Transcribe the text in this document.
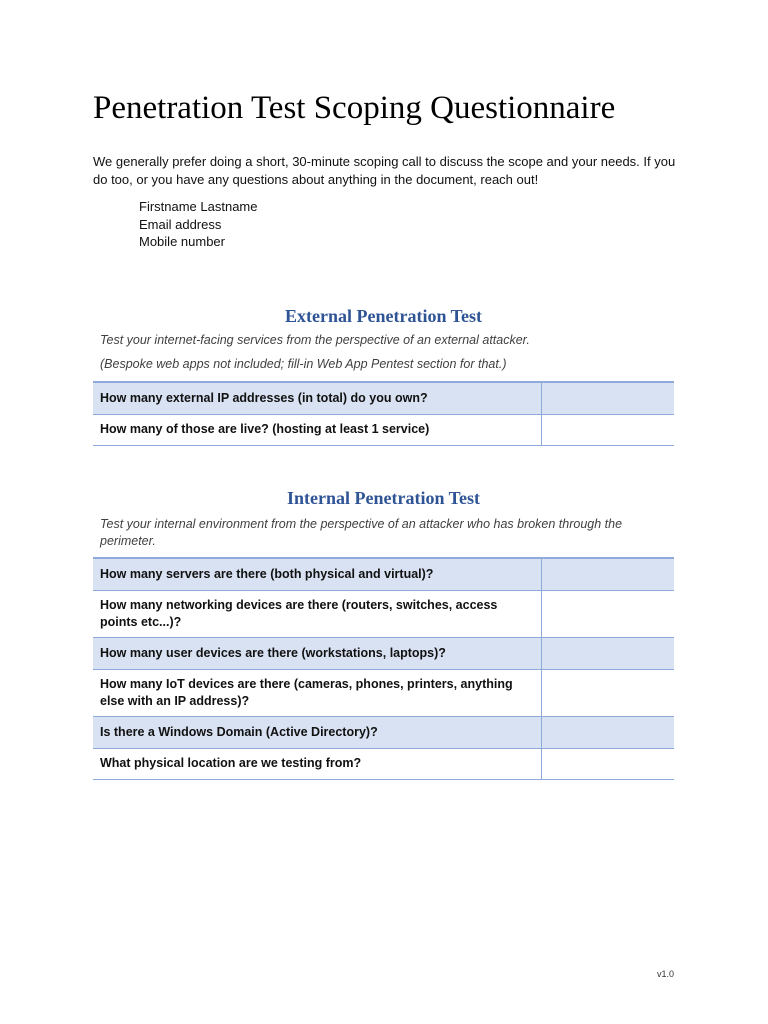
Penetration Test Scoping Questionnaire

We generally prefer doing a short, 30-minute scoping call to discuss the scope and your needs. If you do too, or you have any questions about anything in the document, reach out!

Firstname Lastname
Email address
Mobile number
External Penetration Test

Test your internet-facing services from the perspective of an external attacker.

(Bespoke web apps not included; fill-in Web App Pentest section for that.)

How many external IP addresses (in total) do you own?	
How many of those are live? (hosting at least 1 service)	
Internal Penetration Test

Test your internal environment from the perspective of an attacker who has broken through the perimeter.

How many servers are there (both physical and virtual)?	
How many networking devices are there (routers, switches, access points etc...)?	
How many user devices are there (workstations, laptops)?	
How many IoT devices are there (cameras, phones, printers, anything else with an IP address)?	
Is there a Windows Domain (Active Directory)?	
What physical location are we testing from?	
v1.0
